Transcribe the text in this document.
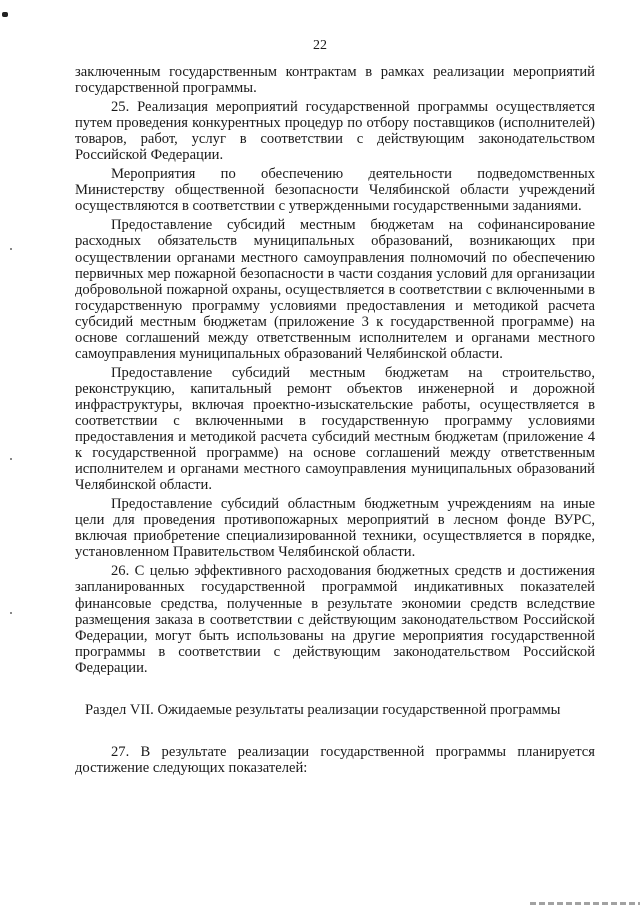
22

заключенным государственным контрактам в рамках реализации мероприятий государственной программы.

25. Реализация мероприятий государственной программы осуществляется путем проведения конкурентных процедур по отбору поставщиков (исполнителей) товаров, работ, услуг в соответствии с действующим законодательством Российской Федерации.

Мероприятия по обеспечению деятельности подведомственных Министерству общественной безопасности Челябинской области учреждений осуществляются в соответствии с утвержденными государственными заданиями.

Предоставление субсидий местным бюджетам на софинансирование расходных обязательств муниципальных образований, возникающих при осуществлении органами местного самоуправления полномочий по обеспечению первичных мер пожарной безопасности в части создания условий для организации добровольной пожарной охраны, осуществляется в соответствии с включенными в государственную программу условиями предоставления и методикой расчета субсидий местным бюджетам (приложение 3 к государственной программе) на основе соглашений между ответственным исполнителем и органами местного самоуправления муниципальных образований Челябинской области.

Предоставление субсидий местным бюджетам на строительство, реконструкцию, капитальный ремонт объектов инженерной и дорожной инфраструктуры, включая проектно-изыскательские работы, осуществляется в соответствии с включенными в государственную программу условиями предоставления и методикой расчета субсидий местным бюджетам (приложение 4 к государственной программе) на основе соглашений между ответственным исполнителем и органами местного самоуправления муниципальных образований Челябинской области.

Предоставление субсидий областным бюджетным учреждениям на иные цели для проведения противопожарных мероприятий в лесном фонде ВУРС, включая приобретение специализированной техники, осуществляется в порядке, установленном Правительством Челябинской области.

26. С целью эффективного расходования бюджетных средств и достижения запланированных государственной программой индикативных показателей финансовые средства, полученные в результате экономии средств вследствие размещения заказа в соответствии с действующим законодательством Российской Федерации, могут быть использованы на другие мероприятия государственной программы в соответствии с действующим законодательством Российской Федерации.

Раздел VII. Ожидаемые результаты реализации государственной программы

27. В результате реализации государственной программы планируется достижение следующих показателей:
